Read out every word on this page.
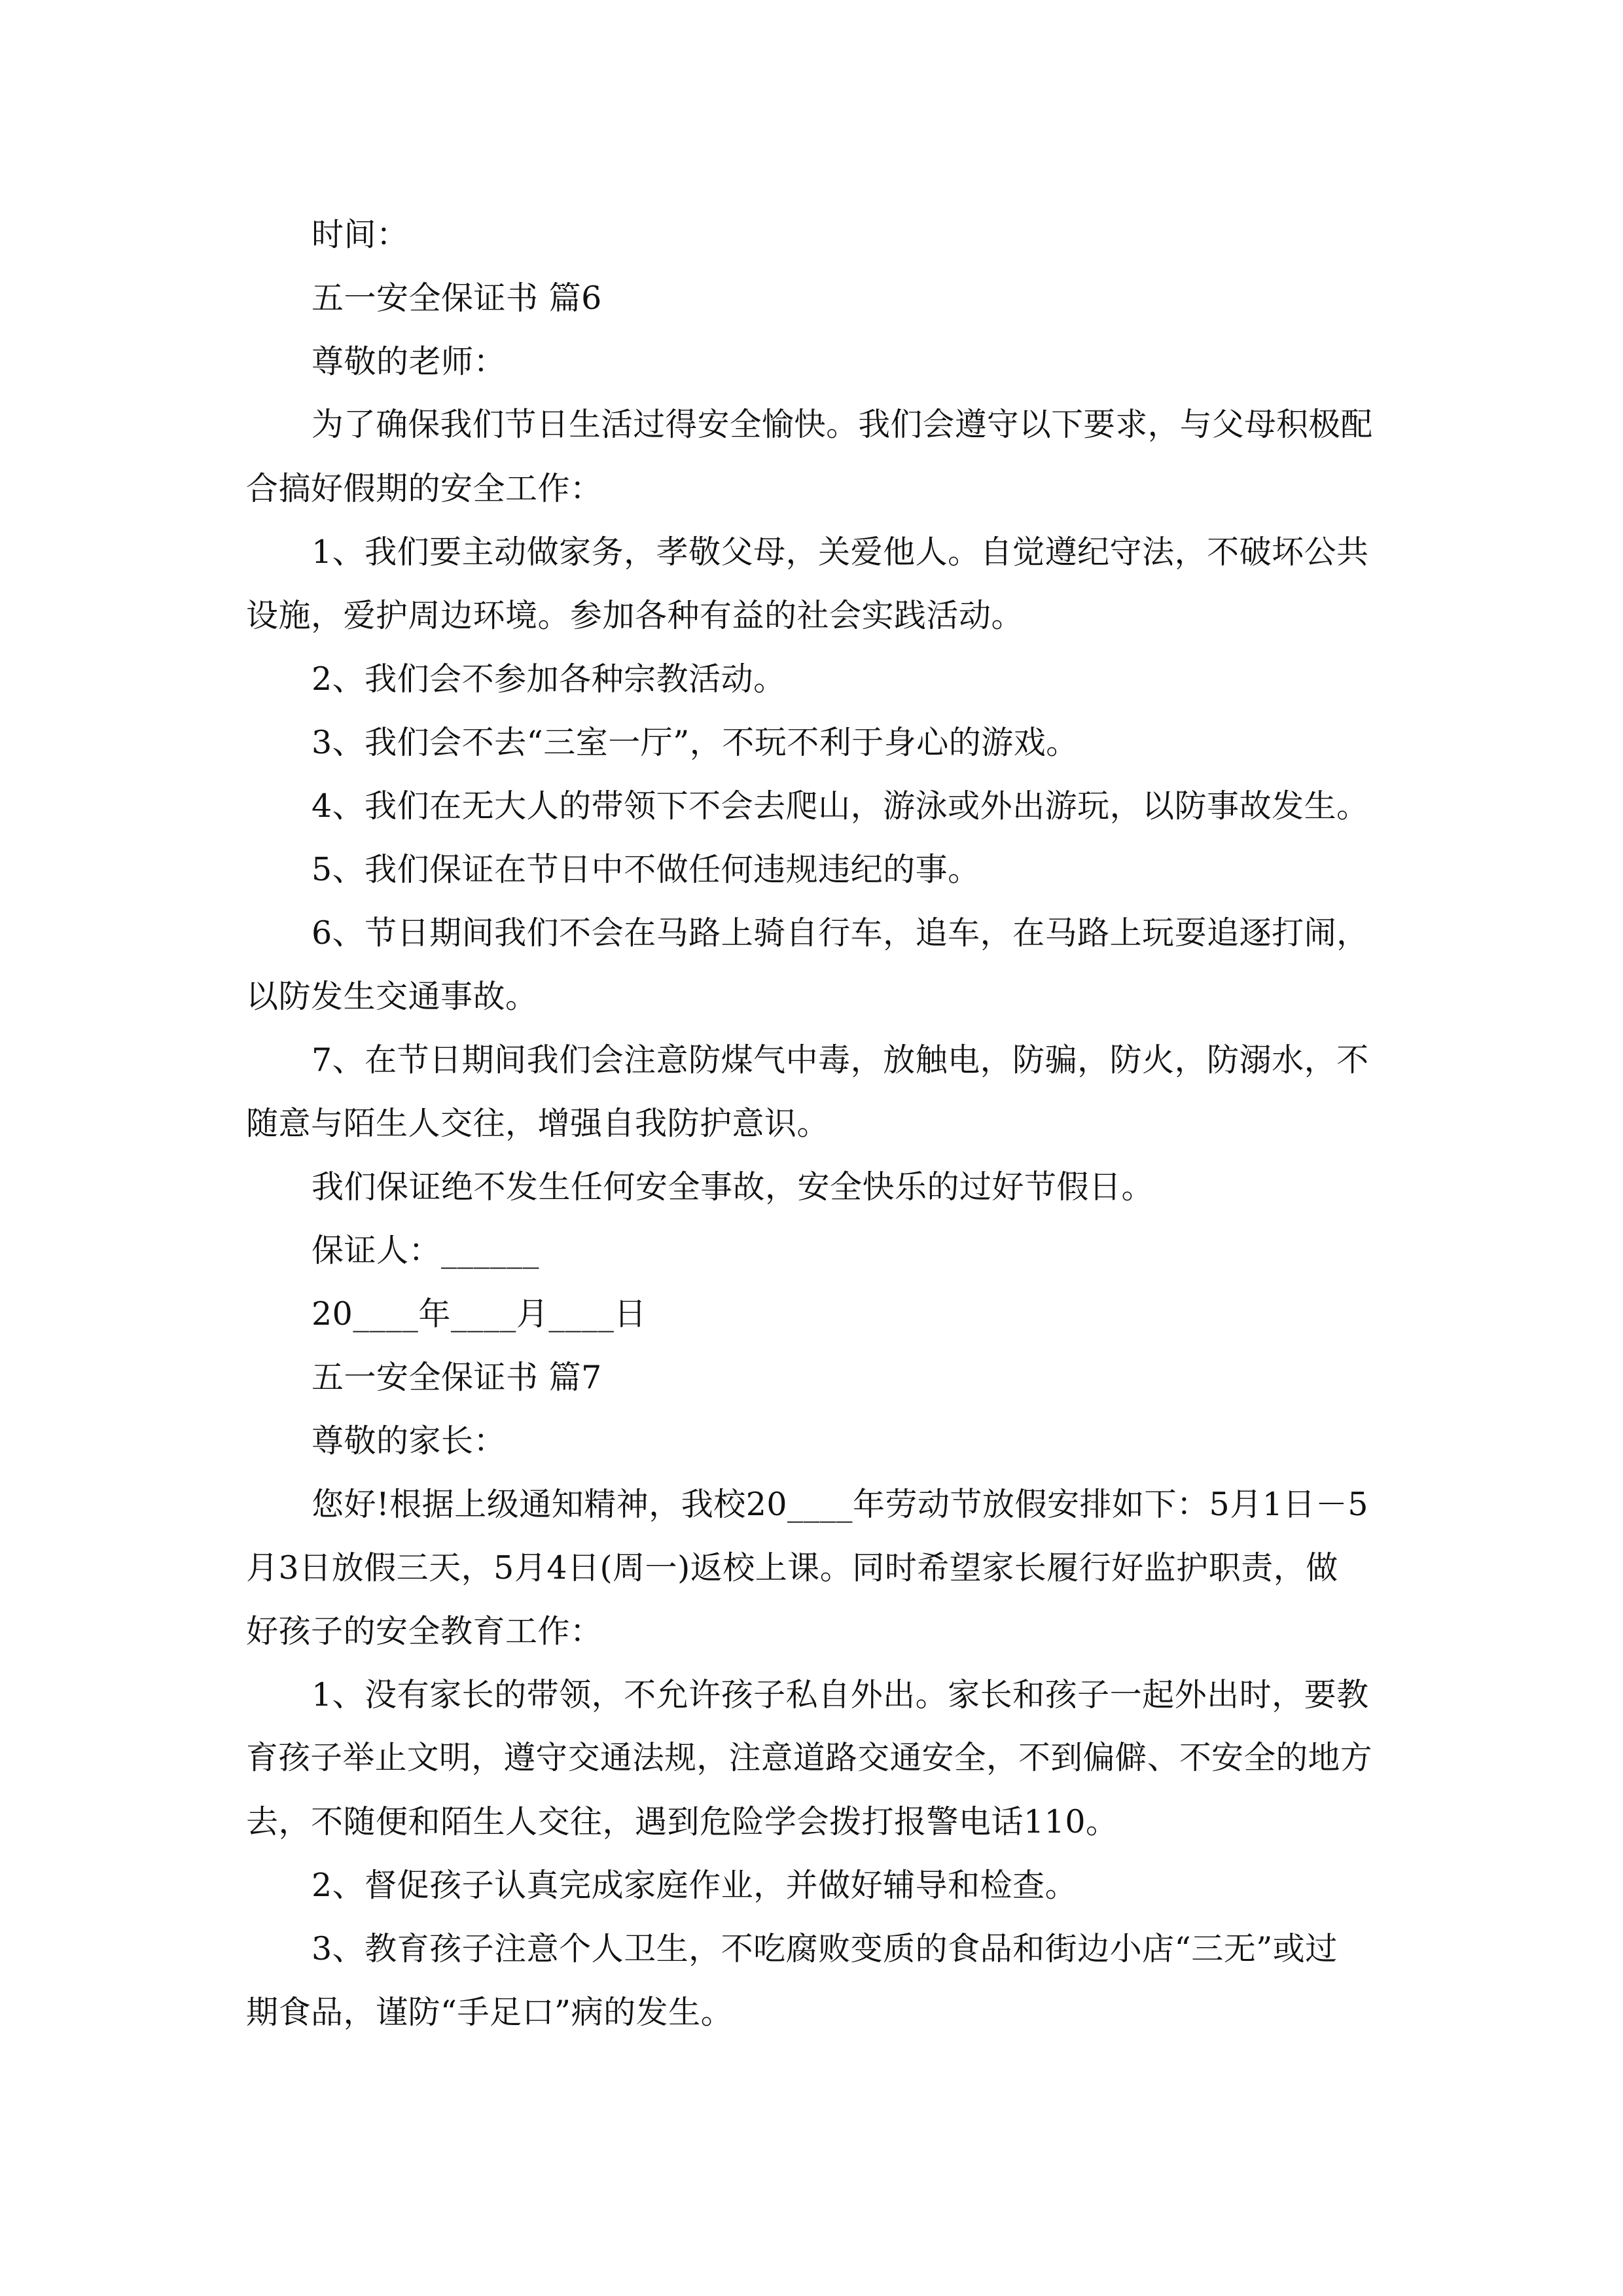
时间：
五一安全保证书 篇6
尊敬的老师：
为了确保我们节日生活过得安全愉快。我们会遵守以下要求，与父母积极配
合搞好假期的安全工作：
1、我们要主动做家务，孝敬父母，关爱他人。自觉遵纪守法，不破坏公共
设施，爱护周边环境。参加各种有益的社会实践活动。
2、我们会不参加各种宗教活动。
3、我们会不去“三室一厅”，不玩不利于身心的游戏。
4、我们在无大人的带领下不会去爬山，游泳或外出游玩，以防事故发生。
5、我们保证在节日中不做任何违规违纪的事。
6、节日期间我们不会在马路上骑自行车，追车，在马路上玩耍追逐打闹，
以防发生交通事故。
7、在节日期间我们会注意防煤气中毒，放触电，防骗，防火，防溺水，不
随意与陌生人交往，增强自我防护意识。
我们保证绝不发生任何安全事故，安全快乐的过好节假日。
保证人：______
20____年____月____日
五一安全保证书 篇7
尊敬的家长：
您好!根据上级通知精神，我校20____年劳动节放假安排如下：5月1日－5
月3日放假三天，5月4日(周一)返校上课。同时希望家长履行好监护职责，做
好孩子的安全教育工作：
1、没有家长的带领，不允许孩子私自外出。家长和孩子一起外出时，要教
育孩子举止文明，遵守交通法规，注意道路交通安全，不到偏僻、不安全的地方
去，不随便和陌生人交往，遇到危险学会拨打报警电话110。
2、督促孩子认真完成家庭作业，并做好辅导和检查。
3、教育孩子注意个人卫生，不吃腐败变质的食品和街边小店“三无”或过
期食品，谨防“手足口”病的发生。
